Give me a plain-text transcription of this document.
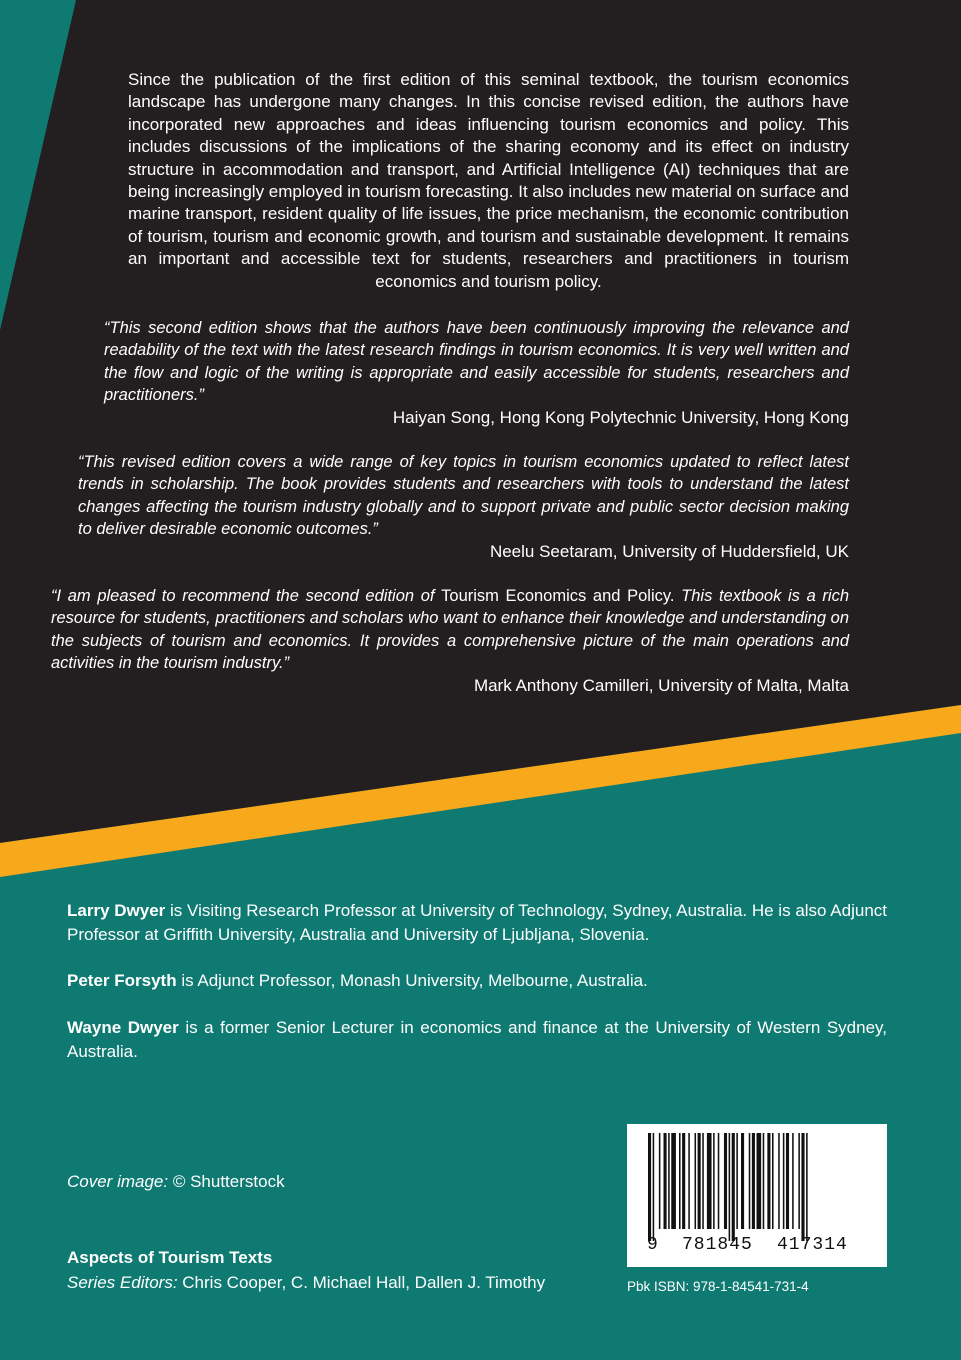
Since the publication of the first edition of this seminal textbook, the tourism economics landscape has undergone many changes. In this concise revised edition, the authors have incorporated new approaches and ideas influencing tourism economics and policy. This includes discussions of the implications of the sharing economy and its effect on industry structure in accommodation and transport, and Artificial Intelligence (AI) techniques that are being increasingly employed in tourism forecasting. It also includes new material on surface and marine transport, resident quality of life issues, the price mechanism, the economic contribution of tourism, tourism and economic growth, and tourism and sustainable development. It remains an important and accessible text for students, researchers and practitioners in tourism economics and tourism policy.
“This second edition shows that the authors have been continuously improving the relevance and readability of the text with the latest research findings in tourism economics. It is very well written and the flow and logic of the writing is appropriate and easily accessible for students, researchers and practitioners.”
Haiyan Song, Hong Kong Polytechnic University, Hong Kong
“This revised edition covers a wide range of key topics in tourism economics updated to reflect latest trends in scholarship. The book provides students and researchers with tools to understand the latest changes affecting the tourism industry globally and to support private and public sector decision making to deliver desirable economic outcomes.”
Neelu Seetaram, University of Huddersfield, UK
“I am pleased to recommend the second edition of Tourism Economics and Policy. This textbook is a rich resource for students, practitioners and scholars who want to enhance their knowledge and understanding on the subjects of tourism and economics. It provides a comprehensive picture of the main operations and activities in the tourism industry.”
Mark Anthony Camilleri, University of Malta, Malta
Larry Dwyer is Visiting Research Professor at University of Technology, Sydney, Australia. He is also Adjunct Professor at Griffith University, Australia and University of Ljubljana, Slovenia.
Peter Forsyth is Adjunct Professor, Monash University, Melbourne, Australia.
Wayne Dwyer is a former Senior Lecturer in economics and finance at the University of Western Sydney, Australia.
Cover image: © Shutterstock
Aspects of Tourism Texts
Series Editors: Chris Cooper, C. Michael Hall, Dallen J. Timothy
9 781845 417314
Pbk ISBN: 978-1-84541-731-4
